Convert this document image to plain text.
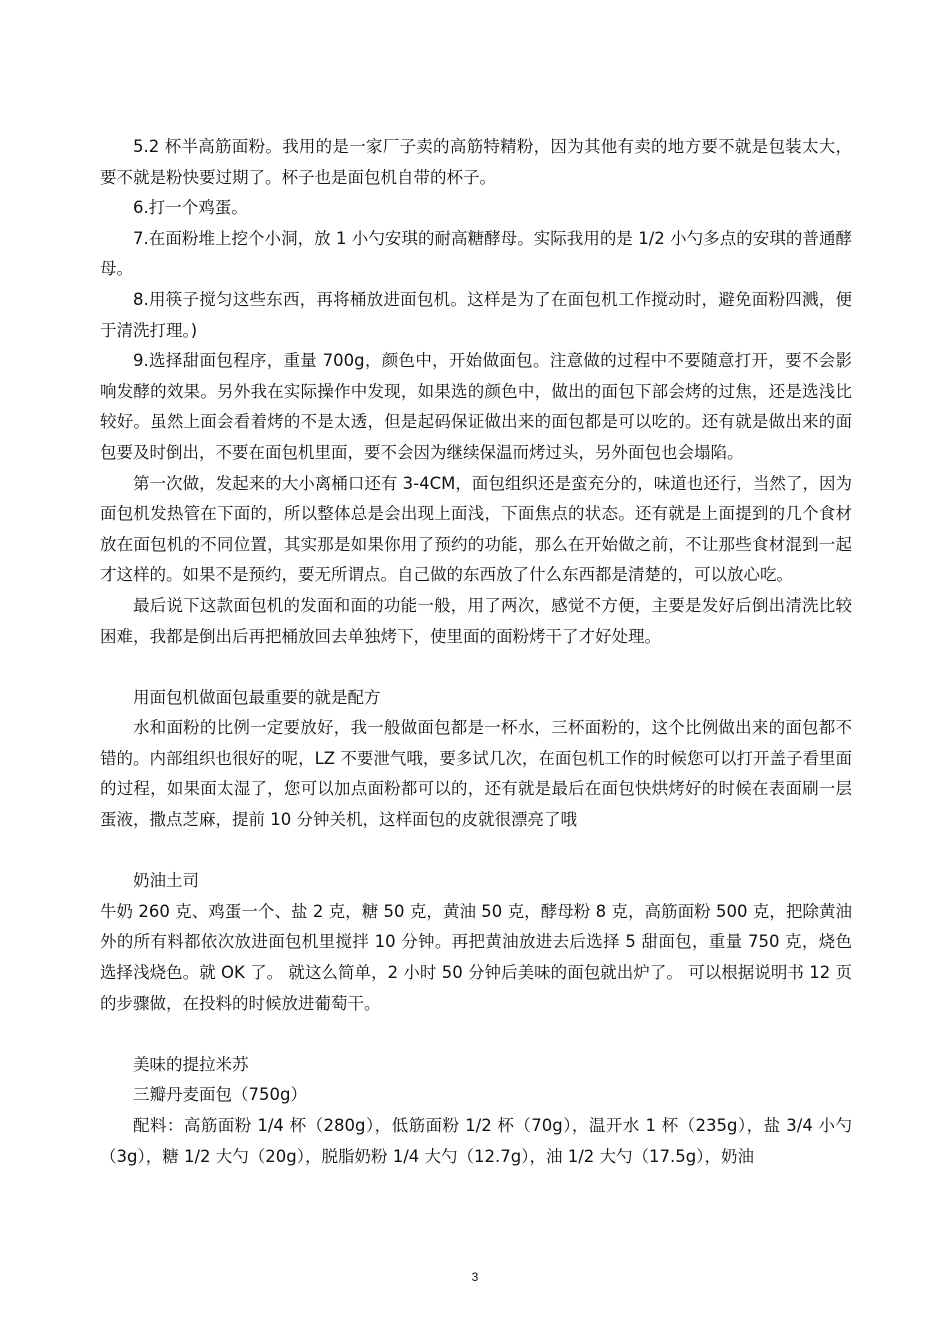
5.2 杯半高筋面粉。我用的是一家厂子卖的高筋特精粉，因为其他有卖的地方要不就是包装太大，要不就是粉快要过期了。杯子也是面包机自带的杯子。

6.打一个鸡蛋。

7.在面粉堆上挖个小洞，放 1 小勺安琪的耐高糖酵母。实际我用的是 1/2 小勺多点的安琪的普通酵母。

8.用筷子搅匀这些东西，再将桶放进面包机。这样是为了在面包机工作搅动时，避免面粉四溅，便于清洗打理。)

9.选择甜面包程序，重量 700g，颜色中，开始做面包。注意做的过程中不要随意打开，要不会影响发酵的效果。另外我在实际操作中发现，如果选的颜色中，做出的面包下部会烤的过焦，还是选浅比较好。虽然上面会看着烤的不是太透，但是起码保证做出来的面包都是可以吃的。还有就是做出来的面包要及时倒出，不要在面包机里面，要不会因为继续保温而烤过头，另外面包也会塌陷。

第一次做，发起来的大小离桶口还有 3-4CM，面包组织还是蛮充分的，味道也还行，当然了，因为面包机发热管在下面的，所以整体总是会出现上面浅，下面焦点的状态。还有就是上面提到的几个食材放在面包机的不同位置，其实那是如果你用了预约的功能，那么在开始做之前，不让那些食材混到一起才这样的。如果不是预约，要无所谓点。自己做的东西放了什么东西都是清楚的，可以放心吃。

最后说下这款面包机的发面和面的功能一般，用了两次，感觉不方便，主要是发好后倒出清洗比较困难，我都是倒出后再把桶放回去单独烤下，使里面的面粉烤干了才好处理。

用面包机做面包最重要的就是配方

水和面粉的比例一定要放好，我一般做面包都是一杯水，三杯面粉的，这个比例做出来的面包都不错的。内部组织也很好的呢，LZ 不要泄气哦，要多试几次，在面包机工作的时候您可以打开盖子看里面的过程，如果面太湿了，您可以加点面粉都可以的，还有就是最后在面包快烘烤好的时候在表面刷一层蛋液，撒点芝麻，提前 10 分钟关机，这样面包的皮就很漂亮了哦

奶油土司

牛奶 260 克、鸡蛋一个、盐 2 克，糖 50 克，黄油 50 克，酵母粉 8 克，高筋面粉 500 克，把除黄油外的所有料都依次放进面包机里搅拌 10 分钟。再把黄油放进去后选择 5 甜面包，重量 750 克，烧色选择浅烧色。就 OK 了。 就这么简单，2 小时 50 分钟后美味的面包就出炉了。 可以根据说明书 12 页的步骤做，在投料的时候放进葡萄干。

美味的提拉米苏

三瓣丹麦面包（750g）

配料：高筋面粉 1/4 杯（280g），低筋面粉 1/2 杯（70g），温开水 1 杯（235g），盐 3/4 小勺（3g），糖 1/2 大勺（20g），脱脂奶粉 1/4 大勺（12.7g），油 1/2 大勺（17.5g），奶油

3
